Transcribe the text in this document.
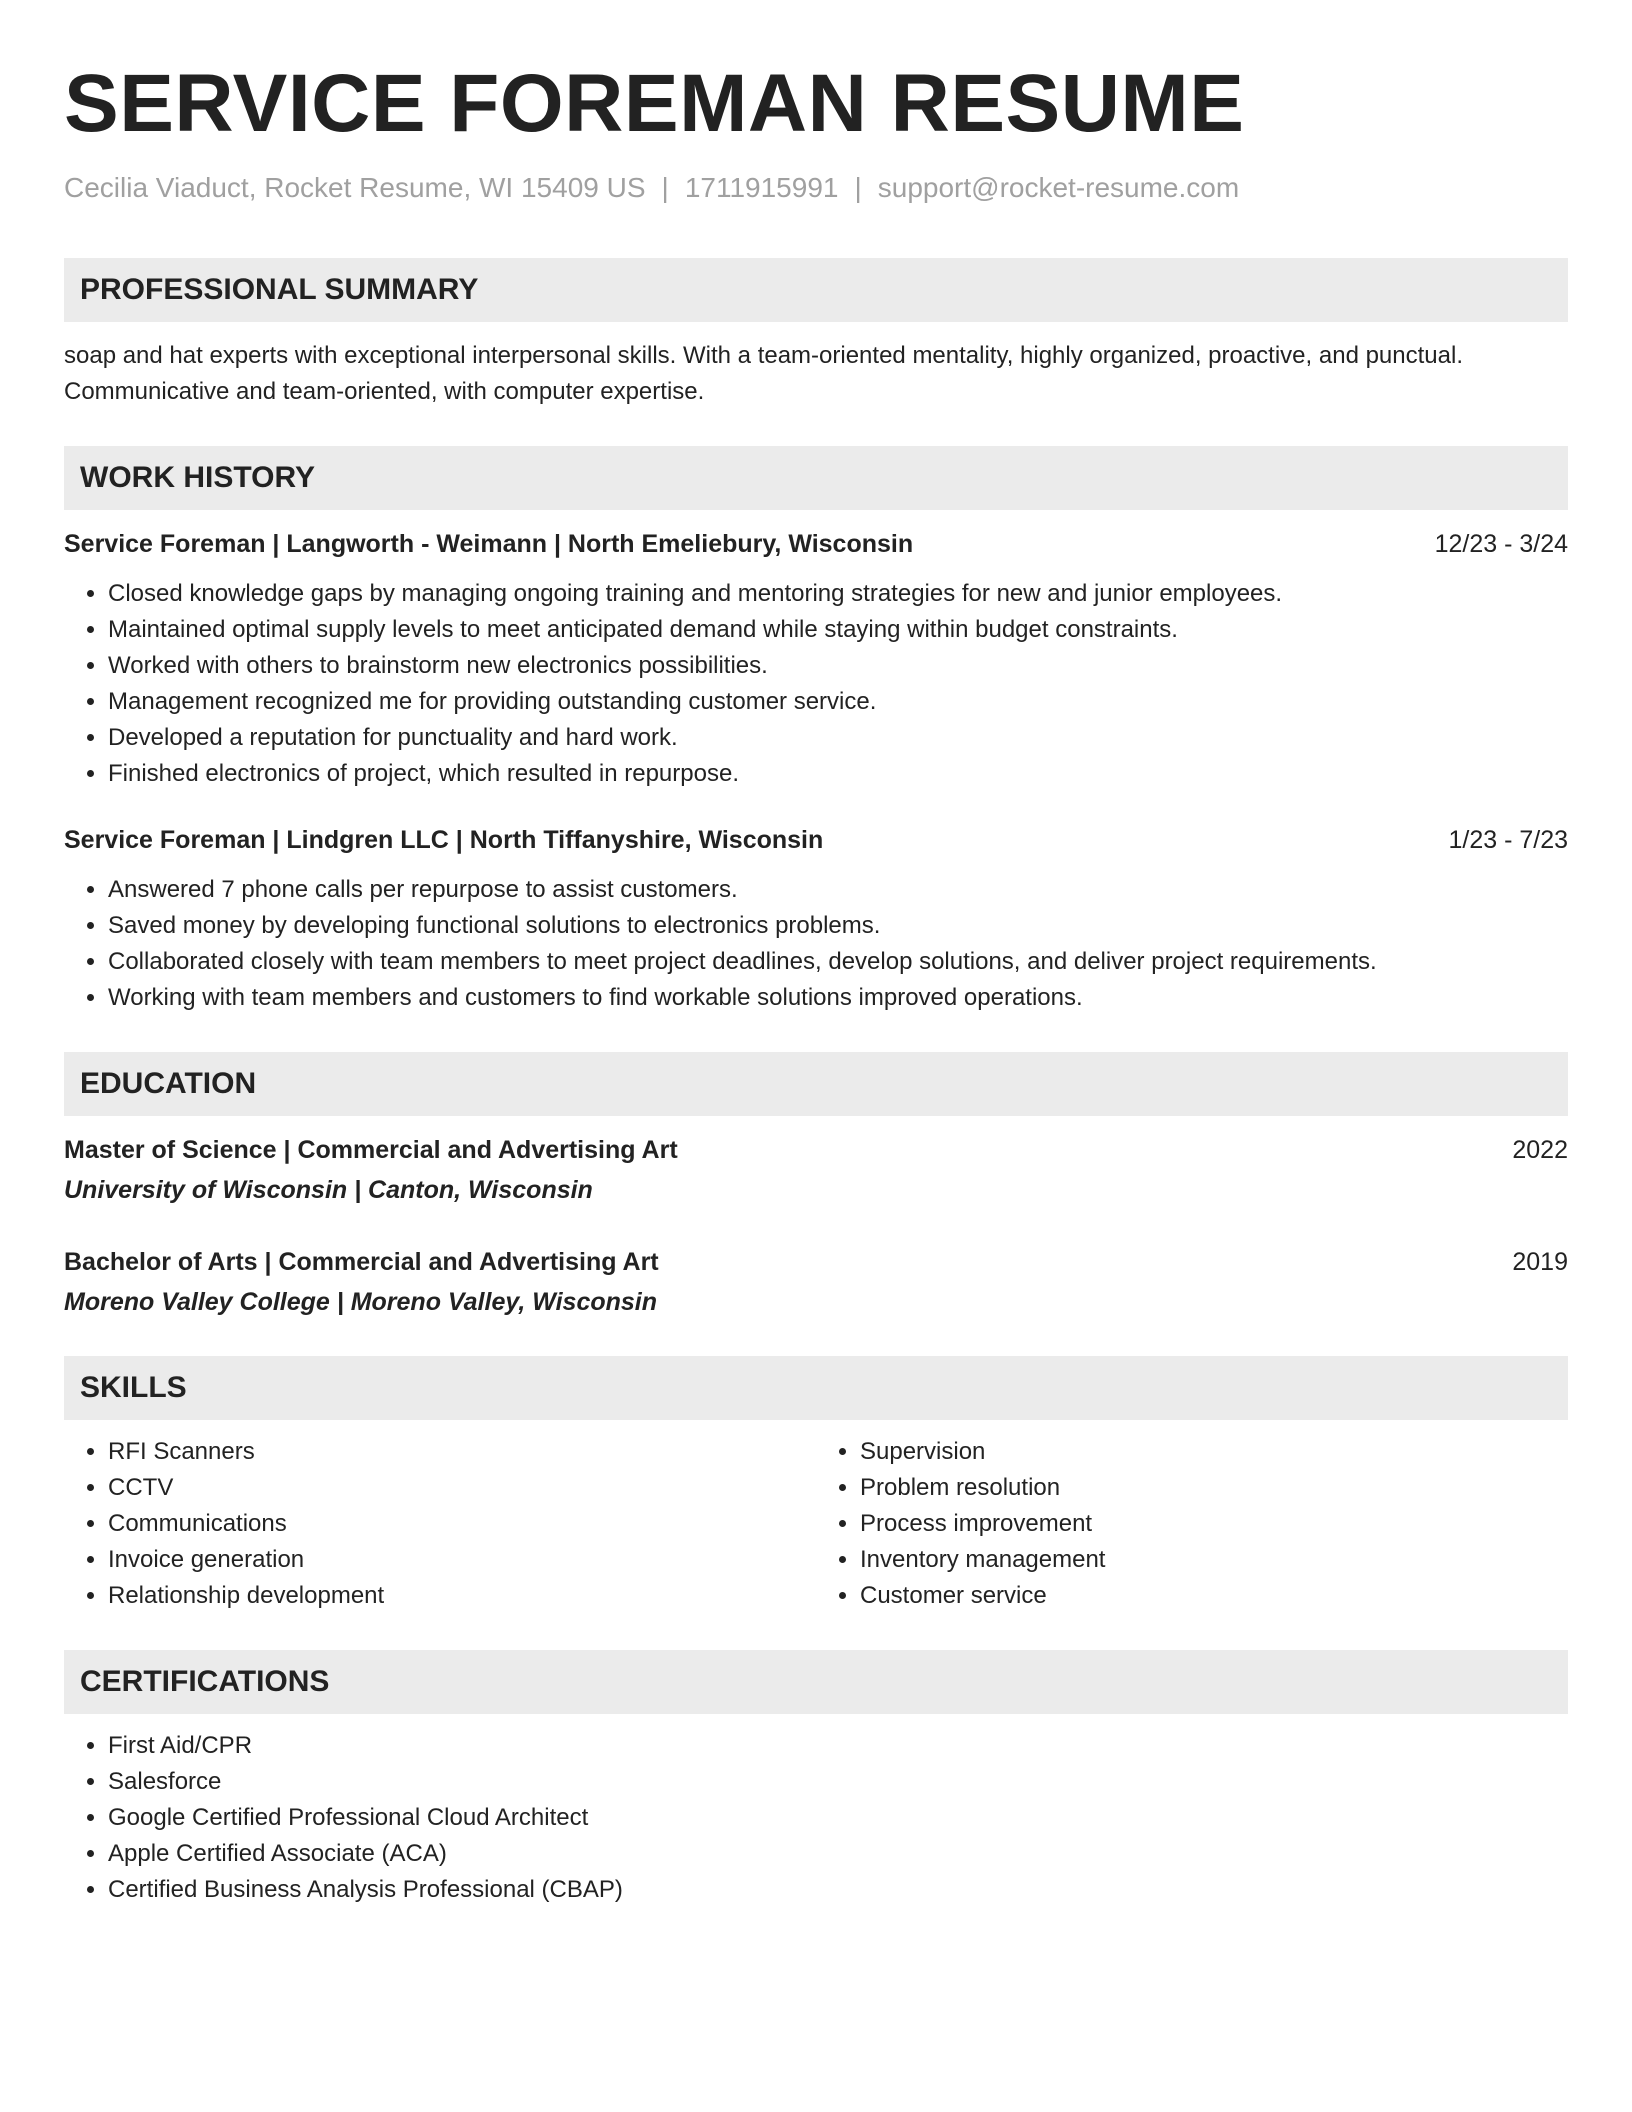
SERVICE FOREMAN RESUME
Cecilia Viaduct, Rocket Resume, WI 15409 US | 1711915991 | support@rocket-resume.com
PROFESSIONAL SUMMARY
soap and hat experts with exceptional interpersonal skills. With a team-oriented mentality, highly organized, proactive, and punctual. Communicative and team-oriented, with computer expertise.
WORK HISTORY
Service Foreman | Langworth - Weimann | North Emeliebury, Wisconsin	12/23 - 3/24
• Closed knowledge gaps by managing ongoing training and mentoring strategies for new and junior employees.
• Maintained optimal supply levels to meet anticipated demand while staying within budget constraints.
• Worked with others to brainstorm new electronics possibilities.
• Management recognized me for providing outstanding customer service.
• Developed a reputation for punctuality and hard work.
• Finished electronics of project, which resulted in repurpose.
Service Foreman | Lindgren LLC | North Tiffanyshire, Wisconsin	1/23 - 7/23
• Answered 7 phone calls per repurpose to assist customers.
• Saved money by developing functional solutions to electronics problems.
• Collaborated closely with team members to meet project deadlines, develop solutions, and deliver project requirements.
• Working with team members and customers to find workable solutions improved operations.
EDUCATION
Master of Science | Commercial and Advertising Art	2022
University of Wisconsin | Canton, Wisconsin
Bachelor of Arts | Commercial and Advertising Art	2019
Moreno Valley College | Moreno Valley, Wisconsin
SKILLS
• RFI Scanners
• CCTV
• Communications
• Invoice generation
• Relationship development
• Supervision
• Problem resolution
• Process improvement
• Inventory management
• Customer service
CERTIFICATIONS
• First Aid/CPR
• Salesforce
• Google Certified Professional Cloud Architect
• Apple Certified Associate (ACA)
• Certified Business Analysis Professional (CBAP)
